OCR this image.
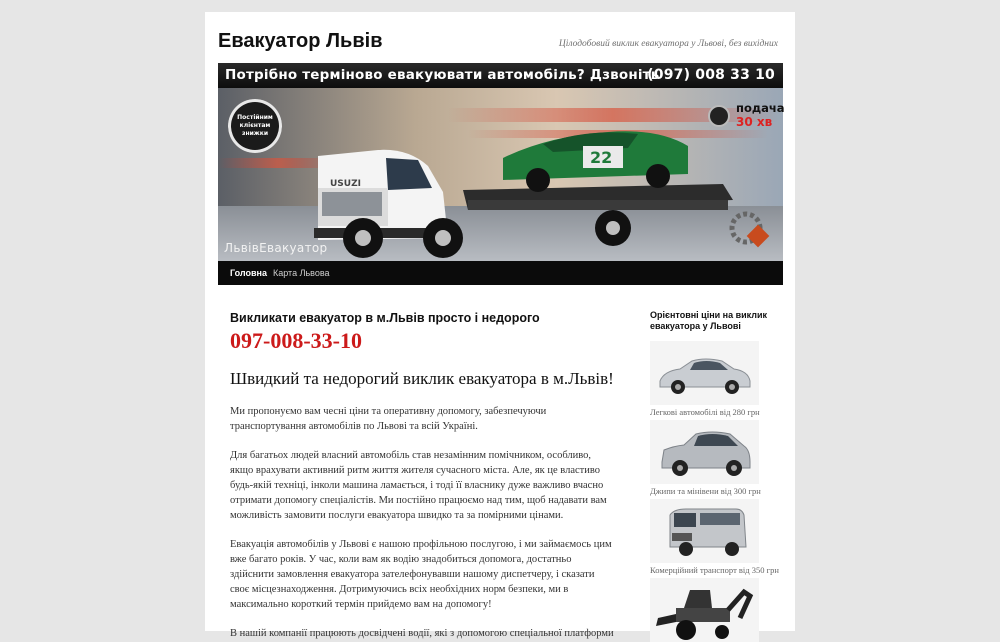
Евакуатор Львів	Цілодобовий виклик евакуатора у Львові, без вихідних
Потрібно терміново евакуювати автомобіль? Дзвоніть
(097) 008 33 10
22
USUZI
Постійним клієнтам знижки
подача
30 хв
ЛьвівЕвакуатор
Головна Карта Львова

Викликати евакуатор в м.Львів просто і недорого

097-008-33-10

Швидкий та недорогий виклик евакуатора в м.Львів!

Ми пропонуємо вам чесні ціни та оперативну допомогу, забезпечуючи транспортування автомобілів по Львові та всій Україні.

Для багатьох людей власний автомобіль став незамінним помічником, особливо, якщо врахувати активний ритм життя жителя сучасного міста. Але, як це властиво будь-якій техніці, інколи машина ламається, і тоді її власнику дуже важливо вчасно отримати допомогу спеціалістів. Ми постійно працюємо над тим, щоб надавати вам можливість замовити послуги евакуатора швидко та за помірними цінами.

Евакуація автомобілів у Львові є нашою профільною послугою, і ми займаємось цим вже багато років. У час, коли вам як водію знадобиться допомога, достатньо здійснити замовлення евакуатора зателефонувавши нашому диспетчеру, і сказати своє місцезнаходження. Дотримуючись всіх необхідних норм безпеки, ми в максимально короткий термін прийдемо вам на допомогу!

В нашій компанії працюють досвідчені водії, які з допомогою спеціальної платформи

Орієнтовні ціни на виклик евакуатора у Львові

Легкові автомобілі від 280 грн
Джипи та мінівени від 300 грн
Комерційний транспорт від 350 грн
